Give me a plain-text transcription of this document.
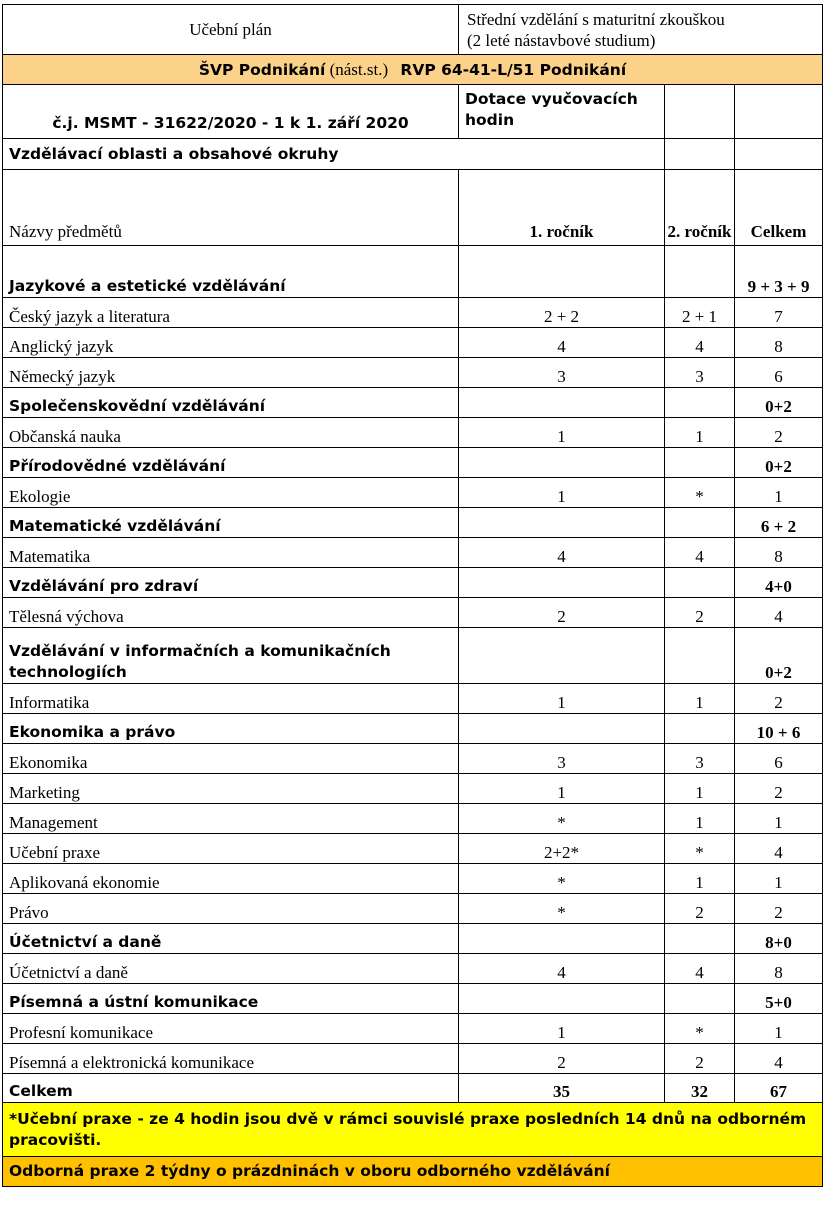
Učební plán	Střední vzdělání s maturitní zkouškou
(2 leté nástavbové studium)		

ŠVP Podnikání (nást.st.) RVP 64-41-L/51 Podnikání			
č.j. MSMT - 31622/2020 - 1 k 1. září 2020	Dotace vyučovacích hodin		
Vzdělávací oblasti a obsahové okruhy			
Názvy předmětů	1. ročník	2. ročník	Celkem
Jazykové a estetické vzdělávání			9 + 3 + 9
Český jazyk a literatura	2 + 2	2 + 1	7
Anglický jazyk	4	4	8
Německý jazyk	3	3	6
Společenskovědní vzdělávání			0+2
Občanská nauka	1	1	2
Přírodovědné vzdělávání			0+2
Ekologie	1	*	1
Matematické vzdělávání			6 + 2
Matematika	4	4	8
Vzdělávání pro zdraví			4+0
Tělesná výchova	2	2	4
Vzdělávání v informačních a komunikačních technologiích			0+2
Informatika	1	1	2
Ekonomika a právo			10 + 6
Ekonomika	3	3	6
Marketing	1	1	2
Management	*	1	1
Učební praxe	2+2*	*	4
Aplikovaná ekonomie	*	1	1
Právo	*	2	2
Účetnictví a daně			8+0
Účetnictví a daně	4	4	8
Písemná a ústní komunikace			5+0
Profesní komunikace	1	*	1
Písemná a elektronická komunikace	2	2	4
Celkem	35	32	67
*Učební praxe - ze 4 hodin jsou dvě v rámci souvislé praxe posledních 14 dnů na odborném pracovišti.			
Odborná praxe 2 týdny o prázdninách v oboru odborného vzdělávání			
